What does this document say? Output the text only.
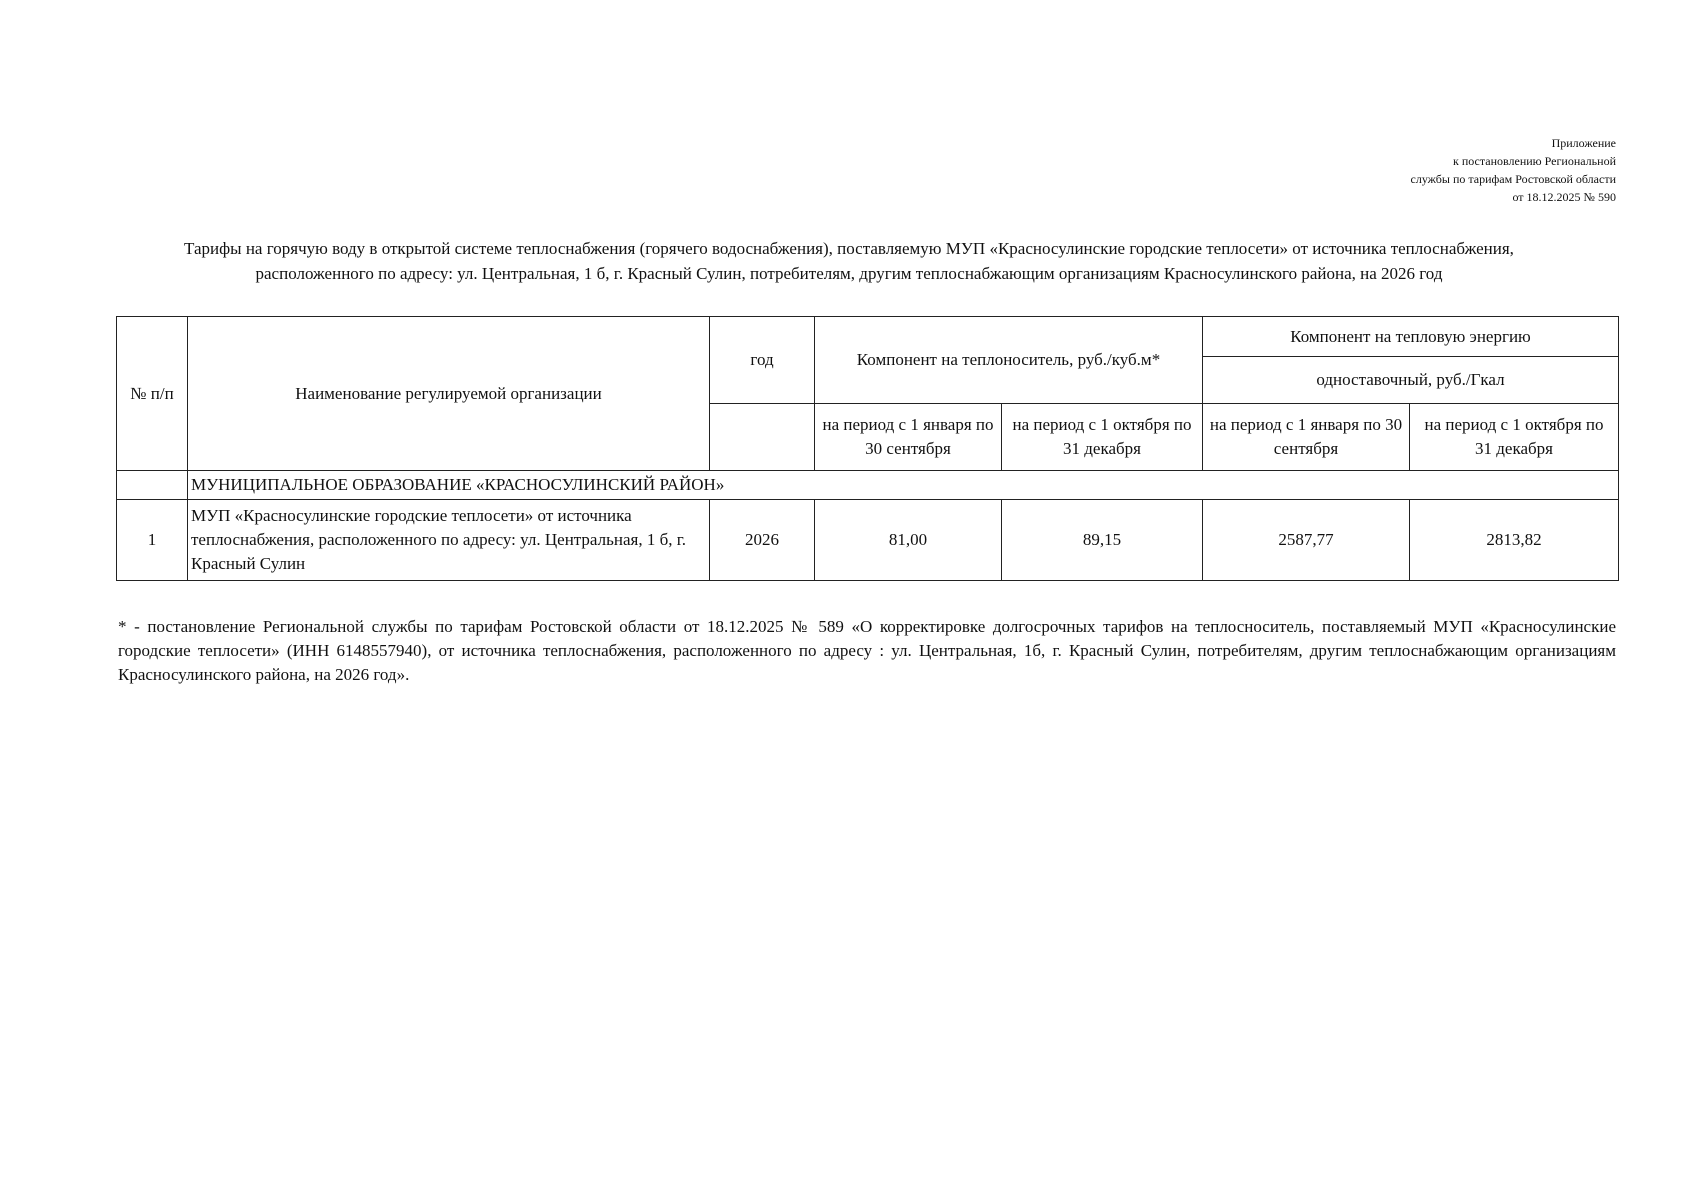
Приложение
к постановлению Региональной
службы по тарифам Ростовской области
от 18.12.2025 № 590
Тарифы на горячую воду в открытой системе теплоснабжения (горячего водоснабжения), поставляемую МУП «Красносулинские городские теплосети» от источника теплоснабжения,
расположенного по адресу: ул. Центральная, 1 б, г. Красный Сулин, потребителям, другим теплоснабжающим организациям Красносулинского района, на 2026 год
№ п/п	Наименование регулируемой организации	год	Компонент на теплоноситель, руб./куб.м*		Компонент на тепловую энергию	
					одноставочный, руб./Гкал	
			на период с 1 января по 30 сентября	на период с 1 октября по 31 декабря	на период с 1 января по 30 сентября	на период с 1 октября по 31 декабря
	МУНИЦИПАЛЬНОЕ ОБРАЗОВАНИЕ «КРАСНОСУЛИНСКИЙ РАЙОН»					
1	МУП «Красносулинские городские теплосети» от источника теплоснабжения, расположенного по адресу: ул. Центральная, 1 б, г. Красный Сулин	2026	81,00	89,15	2587,77	2813,82
* - постановление Региональной службы по тарифам Ростовской области от 18.12.2025 № 589 «О корректировке долгосрочных тарифов на теплосноситель, поставляемый МУП «Красносулинские городские теплосети» (ИНН 6148557940), от источника теплоснабжения, расположенного по адресу : ул. Центральная, 1б, г. Красный Сулин, потребителям, другим теплоснабжающим организациям Красносулинского района, на 2026 год».
